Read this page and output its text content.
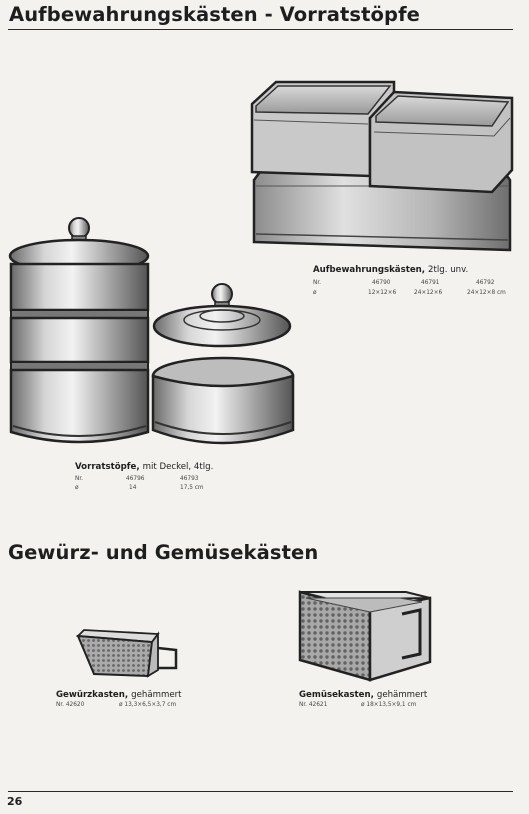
Aufbewahrungskästen - Vorratstöpfe
Aufbewahrungskästen, 2tlg. unv.
Nr.	46790	46791	46792
ø	12×12×6	24×12×6	24×12×8 cm
Vorratstöpfe, mit Deckel, 4tlg.
Nr.	46796	46793
ø	14	17,5 cm
Gewürz- und Gemüsekästen
Gewürzkasten, gehämmert
Nr. 42620	ø 13,3×6,5×3,7 cm
Gemüsekasten, gehämmert
Nr. 42621	ø 18×13,5×9,1 cm
26
